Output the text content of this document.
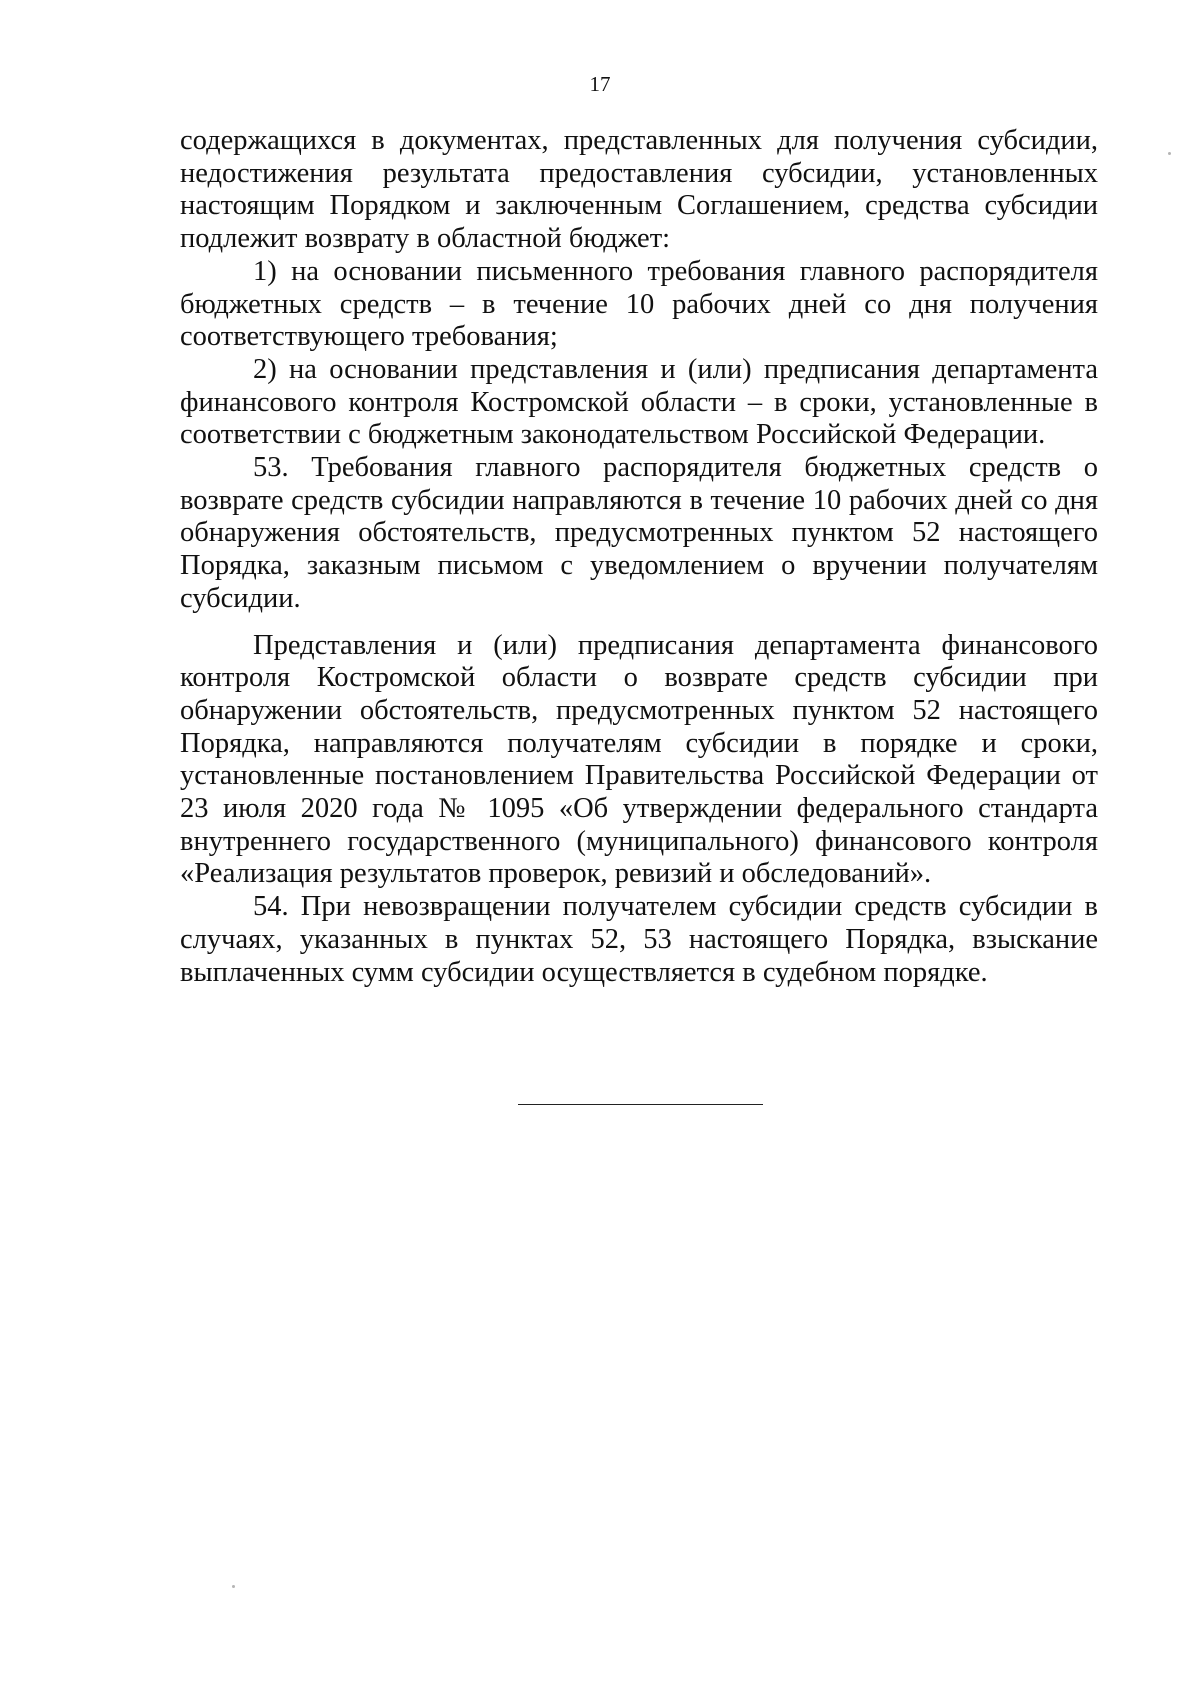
17

содержащихся в документах, представленных для получения субсидии, недостижения результата предоставления субсидии, установленных настоящим Порядком и заключенным Соглашением, средства субсидии подлежит возврату в областной бюджет:

1) на основании письменного требования главного распорядителя бюджетных средств – в течение 10 рабочих дней со дня получения соответствующего требования;

2) на основании представления и (или) предписания департамента финансового контроля Костромской области – в сроки, установленные в соответствии с бюджетным законодательством Российской Федерации.

53. Требования главного распорядителя бюджетных средств о возврате средств субсидии направляются в течение 10 рабочих дней со дня обнаружения обстоятельств, предусмотренных пунктом 52 настоящего Порядка, заказным письмом с уведомлением о вручении получателям субсидии.

Представления и (или) предписания департамента финансового контроля Костромской области о возврате средств субсидии при обнаружении обстоятельств, предусмотренных пунктом 52 настоящего Порядка, направляются получателям субсидии в порядке и сроки, установленные постановлением Правительства Российской Федерации от 23 июля 2020 года № 1095 «Об утверждении федерального стандарта внутреннего государственного (муниципального) финансового контроля «Реализация результатов проверок, ревизий и обследований».

54. При невозвращении получателем субсидии средств субсидии в случаях, указанных в пунктах 52, 53 настоящего Порядка, взыскание выплаченных сумм субсидии осуществляется в судебном порядке.
